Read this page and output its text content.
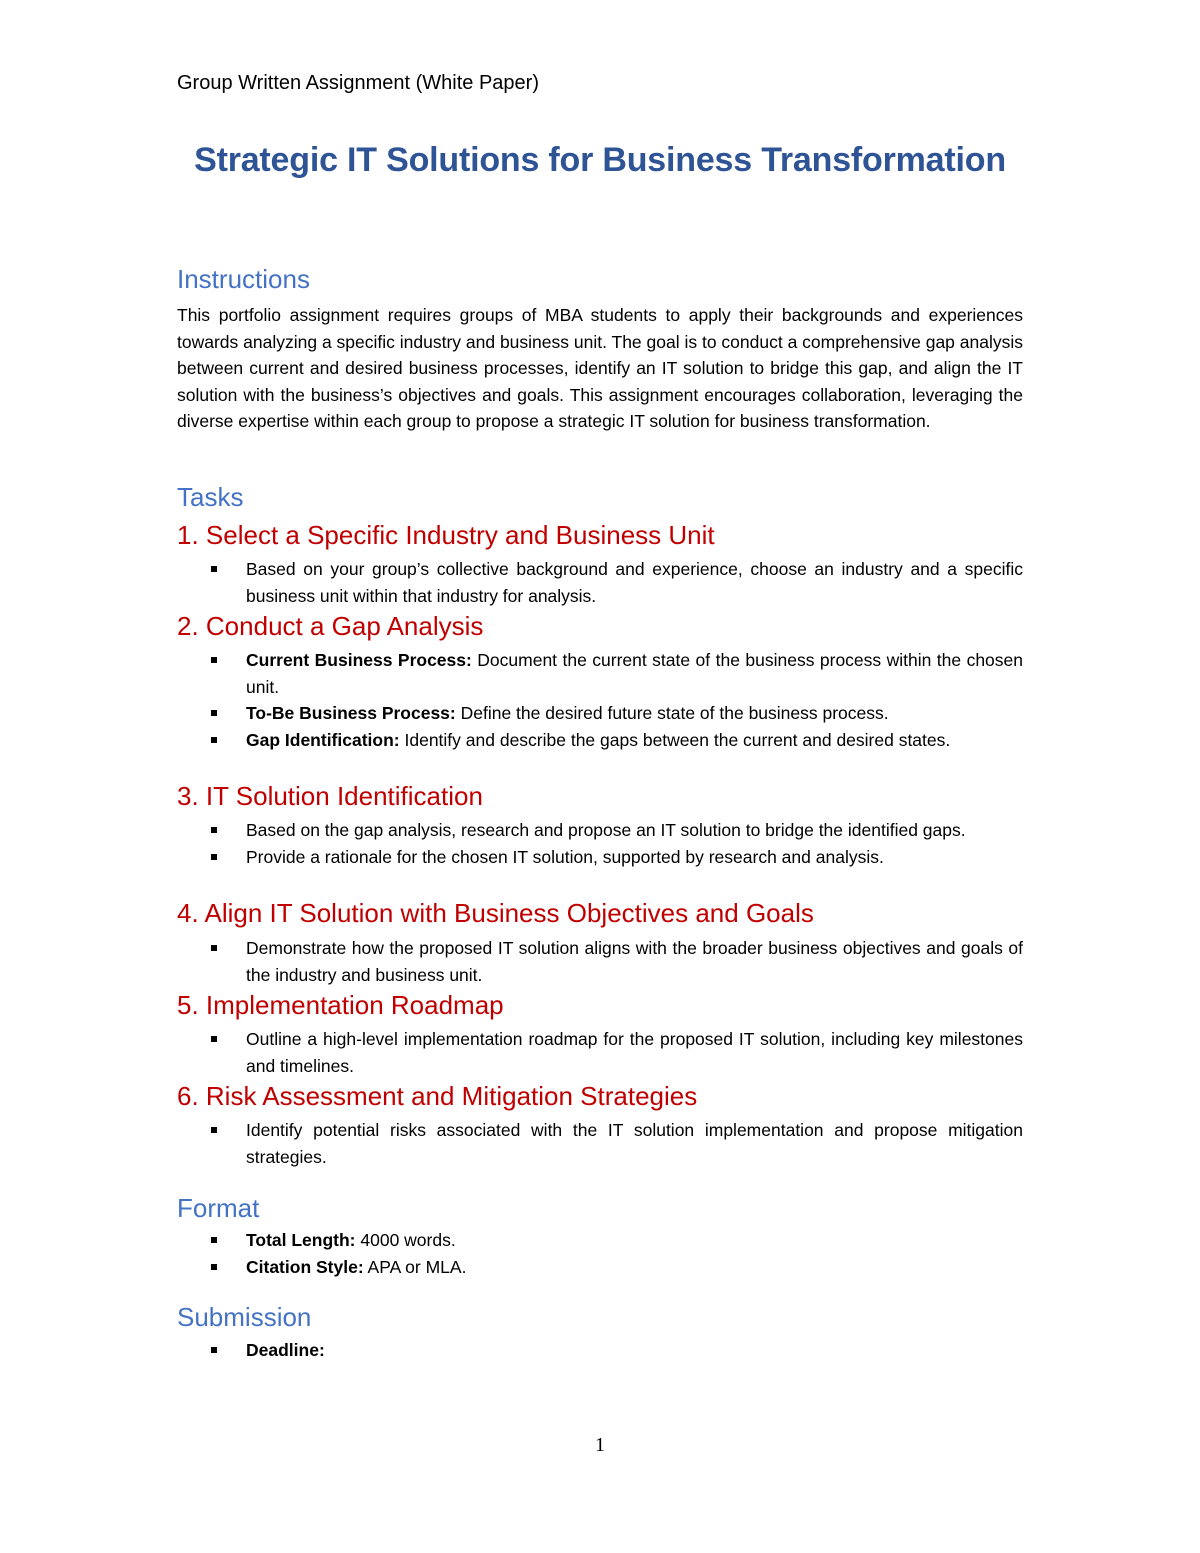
Group Written Assignment (White Paper)
Strategic IT Solutions for Business Transformation
Instructions

This portfolio assignment requires groups of MBA students to apply their backgrounds and experiences towards analyzing a specific industry and business unit. The goal is to conduct a comprehensive gap analysis between current and desired business processes, identify an IT solution to bridge this gap, and align the IT solution with the business’s objectives and goals. This assignment encourages collaboration, leveraging the diverse expertise within each group to propose a strategic IT solution for business transformation.

Tasks
1. Select a Specific Industry and Business Unit
Based on your group’s collective background and experience, choose an industry and a specific business unit within that industry for analysis.
2. Conduct a Gap Analysis
Current Business Process: Document the current state of the business process within the chosen unit.
To-Be Business Process: Define the desired future state of the business process.
Gap Identification: Identify and describe the gaps between the current and desired states.
3. IT Solution Identification
Based on the gap analysis, research and propose an IT solution to bridge the identified gaps.
Provide a rationale for the chosen IT solution, supported by research and analysis.
4. Align IT Solution with Business Objectives and Goals
Demonstrate how the proposed IT solution aligns with the broader business objectives and goals of the industry and business unit.
5. Implementation Roadmap
Outline a high-level implementation roadmap for the proposed IT solution, including key milestones and timelines.
6. Risk Assessment and Mitigation Strategies
Identify potential risks associated with the IT solution implementation and propose mitigation strategies.
Format
Total Length: 4000 words.
Citation Style: APA or MLA.
Submission
Deadline:
1
